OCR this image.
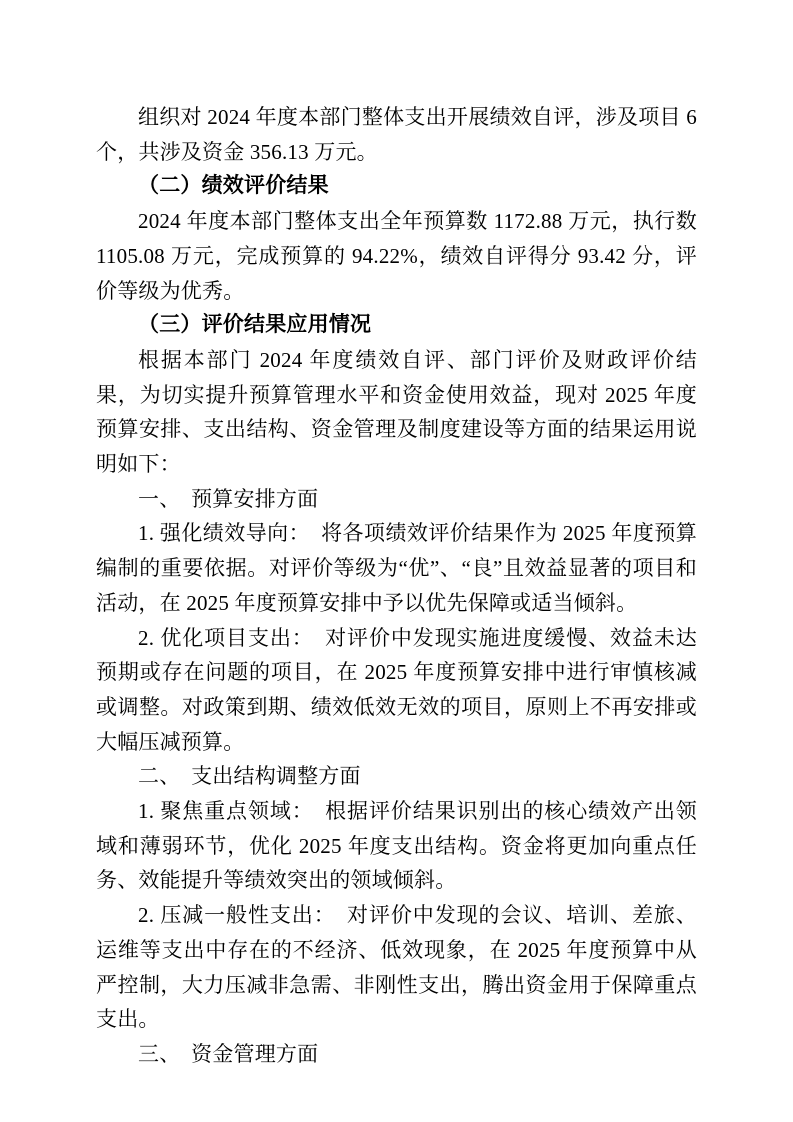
组织对 2024 年度本部门整体支出开展绩效自评，涉及项目 6 个，共涉及资金 356.13 万元。

（二）绩效评价结果

2024 年度本部门整体支出全年预算数 1172.88 万元，执行数 1105.08 万元，完成预算的 94.22%，绩效自评得分 93.42 分，评价等级为优秀。

（三）评价结果应用情况

根据本部门 2024 年度绩效自评、部门评价及财政评价结果，为切实提升预算管理水平和资金使用效益，现对 2025 年度预算安排、支出结构、资金管理及制度建设等方面的结果运用说明如下：

一、　预算安排方面

1. 强化绩效导向：　将各项绩效评价结果作为 2025 年度预算编制的重要依据。对评价等级为“优”、“良”且效益显著的项目和活动，在 2025 年度预算安排中予以优先保障或适当倾斜。

2. 优化项目支出：　对评价中发现实施进度缓慢、效益未达预期或存在问题的项目，在 2025 年度预算安排中进行审慎核减或调整。对政策到期、绩效低效无效的项目，原则上不再安排或大幅压减预算。

二、　支出结构调整方面

1. 聚焦重点领域：　根据评价结果识别出的核心绩效产出领域和薄弱环节，优化 2025 年度支出结构。资金将更加向重点任务、效能提升等绩效突出的领域倾斜。

2. 压减一般性支出：　对评价中发现的会议、培训、差旅、运维等支出中存在的不经济、低效现象，在 2025 年度预算中从严控制，大力压减非急需、非刚性支出，腾出资金用于保障重点支出。

三、　资金管理方面
